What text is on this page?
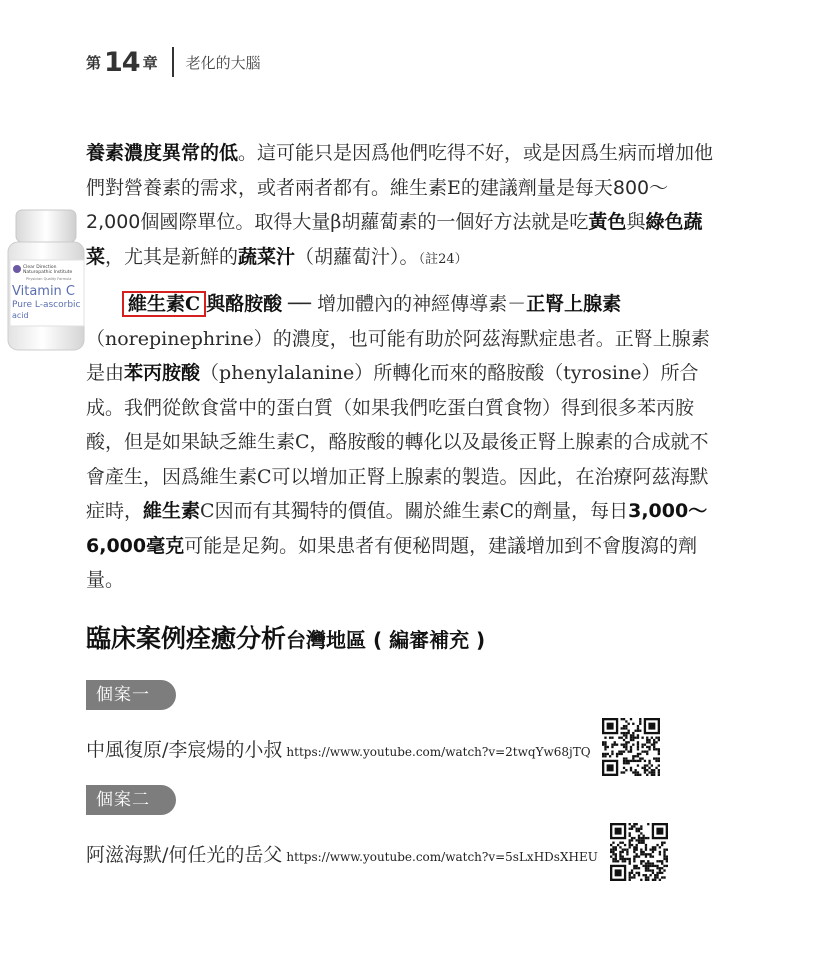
第 14 章 老化的大腦
Clear Direction
Naturopathic Institute
Physician Quality Formula
Vitamin C
Pure L-ascorbic
acid

養素濃度異常的低。這可能只是因爲他們吃得不好，或是因爲生病而增加他們對營養素的需求，或者兩者都有。維生素E的建議劑量是每天800～2,000個國際單位。取得大量β胡蘿蔔素的一個好方法就是吃黃色與綠色蔬菜，尤其是新鮮的蔬菜汁（胡蘿蔔汁）。（註24）

維生素C 與酪胺酸 ── 增加體內的神經傳導素－正腎上腺素（norepinephrine）的濃度，也可能有助於阿茲海默症患者。正腎上腺素是由苯丙胺酸（phenylalanine）所轉化而來的酪胺酸（tyrosine）所合成。我們從飲食當中的蛋白質（如果我們吃蛋白質食物）得到很多苯丙胺酸，但是如果缺乏維生素C，酪胺酸的轉化以及最後正腎上腺素的合成就不會產生，因爲維生素C可以增加正腎上腺素的製造。因此，在治療阿茲海默症時，維生素C因而有其獨特的價值。關於維生素C的劑量，每日3,000～6,000毫克可能是足夠。如果患者有便秘問題，建議增加到不會腹瀉的劑量。

臨床案例痊癒分析台灣地區 ( 編審補充 )
個案一
中風復原/李宸煬的小叔 https://www.youtube.com/watch?v=2twqYw68jTQ
個案二
阿滋海默/何任光的岳父 https://www.youtube.com/watch?v=5sLxHDsXHEU
